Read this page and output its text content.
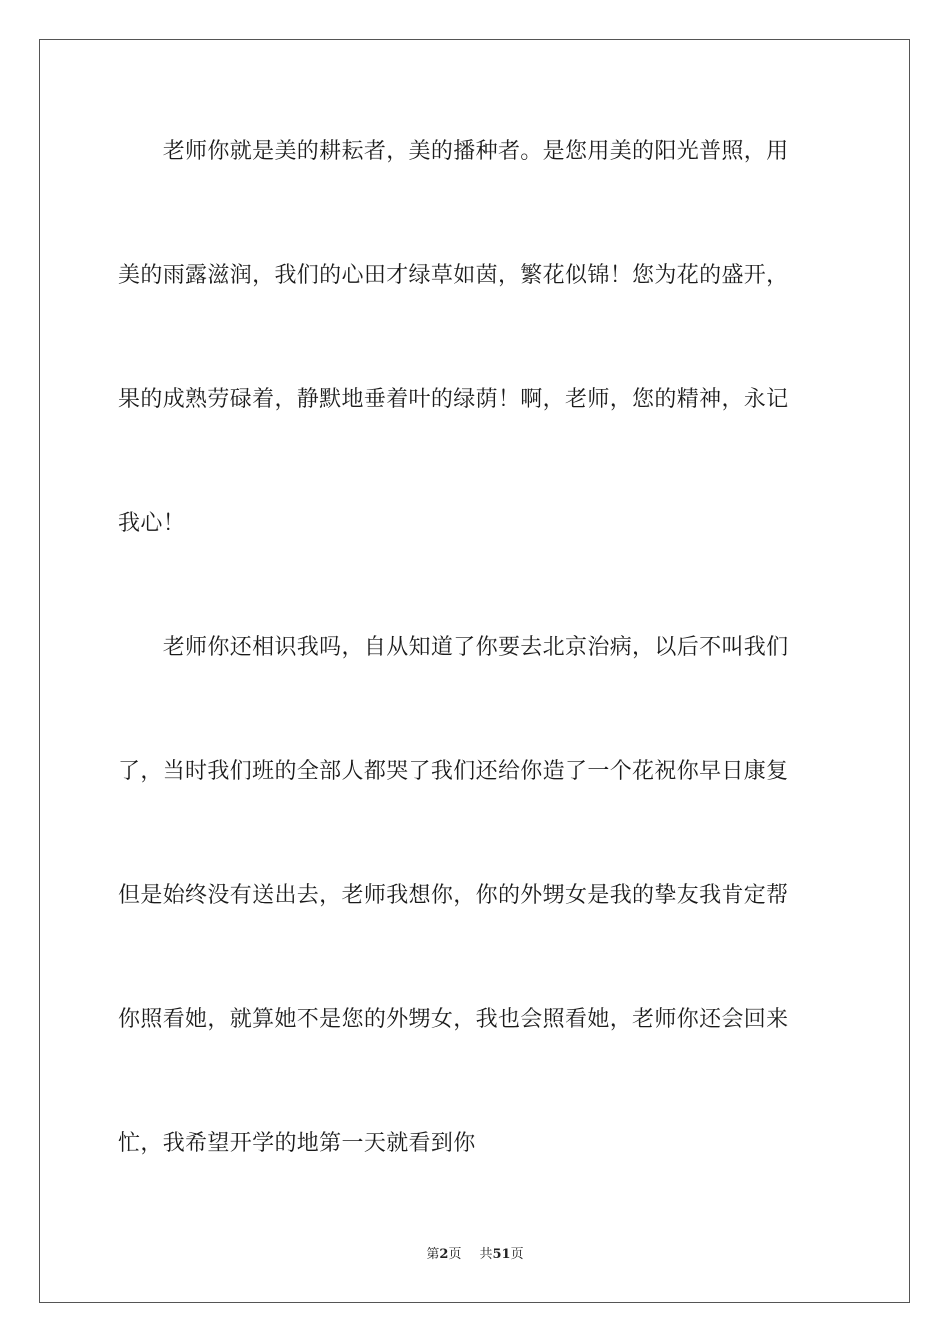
　　老师你就是美的耕耘者，美的播种者。是您用美的阳光普照，用
美的雨露滋润，我们的心田才绿草如茵，繁花似锦！您为花的盛开，
果的成熟劳碌着，静默地垂着叶的绿荫！啊，老师，您的精神，永记
我心！
　　老师你还相识我吗，自从知道了你要去北京治病，以后不叫我们
了，当时我们班的全部人都哭了我们还给你造了一个花祝你早日康复
但是始终没有送出去，老师我想你，你的外甥女是我的挚友我肯定帮
你照看她，就算她不是您的外甥女，我也会照看她，老师你还会回来
忙，我希望开学的地第一天就看到你
第2页 共51页
